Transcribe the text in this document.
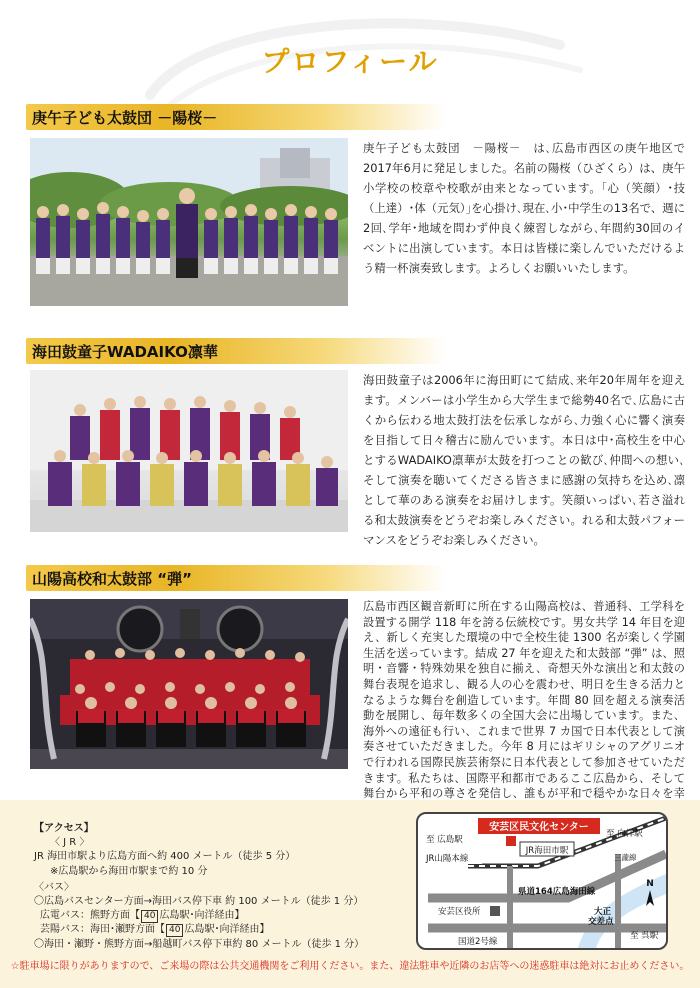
プロフィール
庚午子ども太鼓団 －陽桜－
庚午子ども太鼓団　－陽桜－　は､広島市西区の庚午地区で2017年6月に発足しました。名前の陽桜（ひざくら）は、庚午小学校の校章や校歌が由来となっています。｢心（笑顔）･技（上達）･体（元気）｣を心掛け､現在､小･中学生の13名で、週に2回､学年･地域を問わず仲良く練習しながら､年間約30回のイベントに出演しています。本日は皆様に楽しんでいただけるよう精一杯演奏致します。よろしくお願いいたします。
海田鼓童子WADAIKO凛華
海田鼓童子は2006年に海田町にて結成､来年20年周年を迎えます。メンバーは小学生から大学生まで総勢40名で､広島に古くから伝わる地太鼓打法を伝承しながら､力強く心に響く演奏を目指して日々稽古に励んでいます。本日は中･高校生を中心とするWADAIKO凛華が太鼓を打つことの歓び､仲間への想い､そして演奏を聴いてくださる皆さまに感謝の気持ちを込め､凛として華のある演奏をお届けします。笑顔いっぱい､若さ溢れる和太鼓演奏をどうぞお楽しみください。れる和太鼓パフォーマンスをどうぞお楽しみください。
山陽高校和太鼓部 “弾”
広島市西区観音新町に所在する山陽高校は、普通科、工学科を設置する開学 118 年を誇る伝統校です。男女共学 14 年目を迎え、新しく充実した環境の中で全校生徒 1300 名が楽しく学園生活を送っています。結成 27 年を迎えた和太鼓部 “弾” は、照明・音響・特殊効果を独自に揃え、奇想天外な演出と和太鼓の舞台表現を追求し、観る人の心を震わせ、明日を生きる活力となるような舞台を創造しています。年間 80 回を超える演奏活動を展開し、毎年数多くの全国大会に出場しています。また、海外への遠征も行い、これまで世界 7 カ国で日本代表として演奏させていただきました。今年 8 月にはギリシャのアグリニオで行われる国際民族芸術祭に日本代表として参加させていただきます。私たちは、国際平和都市であるここ広島から、そして舞台から平和の尊さを発信し、誰もが平和で穏やかな日々を幸
【アクセス】
〈 J R 〉
JR 海田市駅より広島方面へ約 400 メートル（徒歩 5 分）
※広島駅から海田市駅まで約 10 分
〈バス〉
〇広島バスセンター方面→海田バス停下車 約 100 メートル（徒歩 1 分）
広電バス：熊野方面【 40 広島駅･向洋経由】
芸陽バス：海田･瀬野方面【 40 広島駅･向洋経由】
〇海田・瀬野・熊野方面→船越町バス停下車約 80 メートル（徒歩 1 分）
安芸区民文化センター
JR海田市駅
至 広島駅
至 向洋駅
JR山陽本線	三瀧線
県道164広島海田線
安芸区役所	大正
交差点
至 呉駅
国道2号線
N
☆駐車場に限りがありますので、ご来場の際は公共交通機関をご利用ください。また、違法駐車や近隣のお店等への迷惑駐車は絶対にお止めください。
